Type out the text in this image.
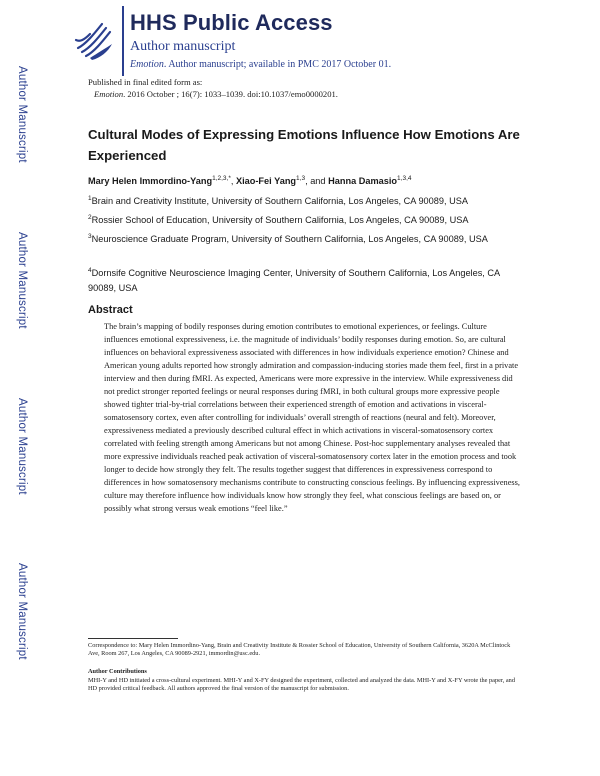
Author Manuscript
Author Manuscript
Author Manuscript
Author Manuscript
HHS Public Access
Author manuscript
Emotion. Author manuscript; available in PMC 2017 October 01.
Published in final edited form as:
Emotion. 2016 October ; 16(7): 1033–1039. doi:10.1037/emo0000201.
Cultural Modes of Expressing Emotions Influence How Emotions Are Experienced
Mary Helen Immordino-Yang$^{1,2,3,*}$, Xiao-Fei Yang$^{1,3}$, and Hanna Damasio$^{1,3,4}$
$^1$Brain and Creativity Institute, University of Southern California, Los Angeles, CA 90089, USA
$^2$Rossier School of Education, University of Southern California, Los Angeles, CA 90089, USA
$^3$Neuroscience Graduate Program, University of Southern California, Los Angeles, CA 90089, USA
$^4$Dornsife Cognitive Neuroscience Imaging Center, University of Southern California, Los Angeles, CA 90089, USA
Abstract

The brain’s mapping of bodily responses during emotion contributes to emotional experiences, or feelings. Culture influences emotional expressiveness, i.e. the magnitude of individuals’ bodily responses during emotion. So, are cultural influences on behavioral expressiveness associated with differences in how individuals experience emotion? Chinese and American young adults reported how strongly admiration and compassion-inducing stories made them feel, first in a private interview and then during fMRI. As expected, Americans were more expressive in the interview. While expressiveness did not predict stronger reported feelings or neural responses during fMRI, in both cultural groups more expressive people showed tighter trial-by-trial correlations between their experienced strength of emotion and activations in visceral-somatosensory cortex, even after controlling for individuals’ overall strength of reactions (neural and felt). Moreover, expressiveness mediated a previously described cultural effect in which activations in visceral-somatosensory cortex correlated with feeling strength among Americans but not among Chinese. Post-hoc supplementary analyses revealed that more expressive individuals reached peak activation of visceral-somatosensory cortex later in the emotion process and took longer to decide how strongly they felt. The results together suggest that differences in expressiveness correspond to differences in how somatosensory mechanisms contribute to constructing conscious feelings. By influencing expressiveness, culture may therefore influence how individuals know how strongly they feel, what conscious feelings are based on, or possibly what strong versus weak emotions “feel like.”

Correspondence to: Mary Helen Immordino-Yang, Brain and Creativity Institute & Rossier School of Education, University of Southern California, 3620A McClintock Ave, Room 267, Los Angeles, CA 90089-2921, immordin@usc.edu.
Author Contributions
MHI-Y and HD initiated a cross-cultural experiment. MHI-Y and X-FY designed the experiment, collected and analyzed the data. MHI-Y and X-FY wrote the paper, and HD provided critical feedback. All authors approved the final version of the manuscript for submission.
